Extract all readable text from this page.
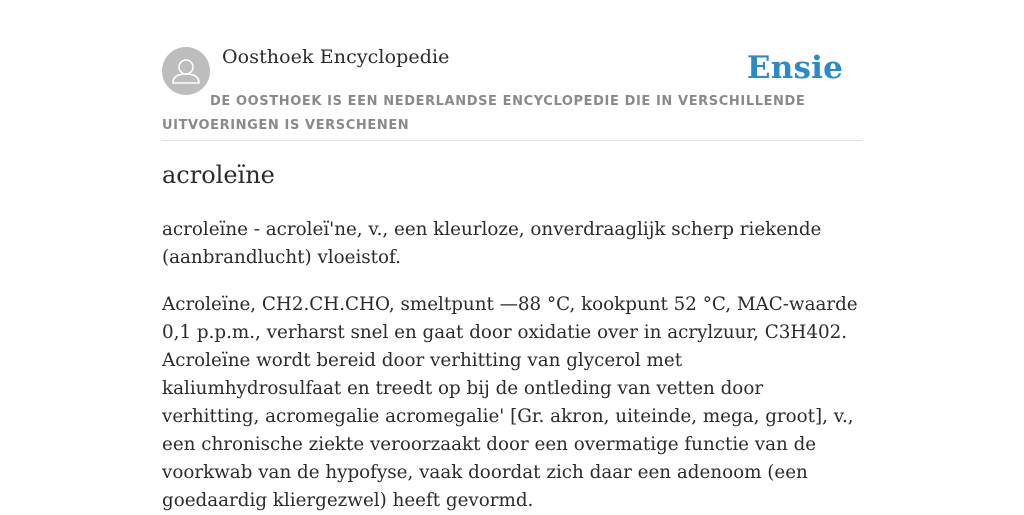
Oosthoek Encyclopedie	Ensie
DE OOSTHOEK IS EEN NEDERLANDSE ENCYCLOPEDIE DIE IN VERSCHILLENDE UITVOERINGEN IS VERSCHENEN
acroleïne

acroleïne - acroleï'ne, v., een kleurloze, onverdraaglijk scherp riekende (aanbrandlucht) vloeistof.

Acroleïne, CH2.CH.CHO, smeltpunt —88 °C, kookpunt 52 °C, MAC-waarde 0,1 p.p.m., verharst snel en gaat door oxidatie over in acrylzuur, C3H402. Acroleïne wordt bereid door verhitting van glycerol met kaliumhydrosulfaat en treedt op bij de ontleding van vetten door verhitting, acromegalie acromegalie' [Gr. akron, uiteinde, mega, groot], v., een chronische ziekte veroorzaakt door een overmatige functie van de voorkwab van de hypofyse, vaak doordat zich daar een adenoom (een goedaardig kliergezwel) heeft gevormd.
